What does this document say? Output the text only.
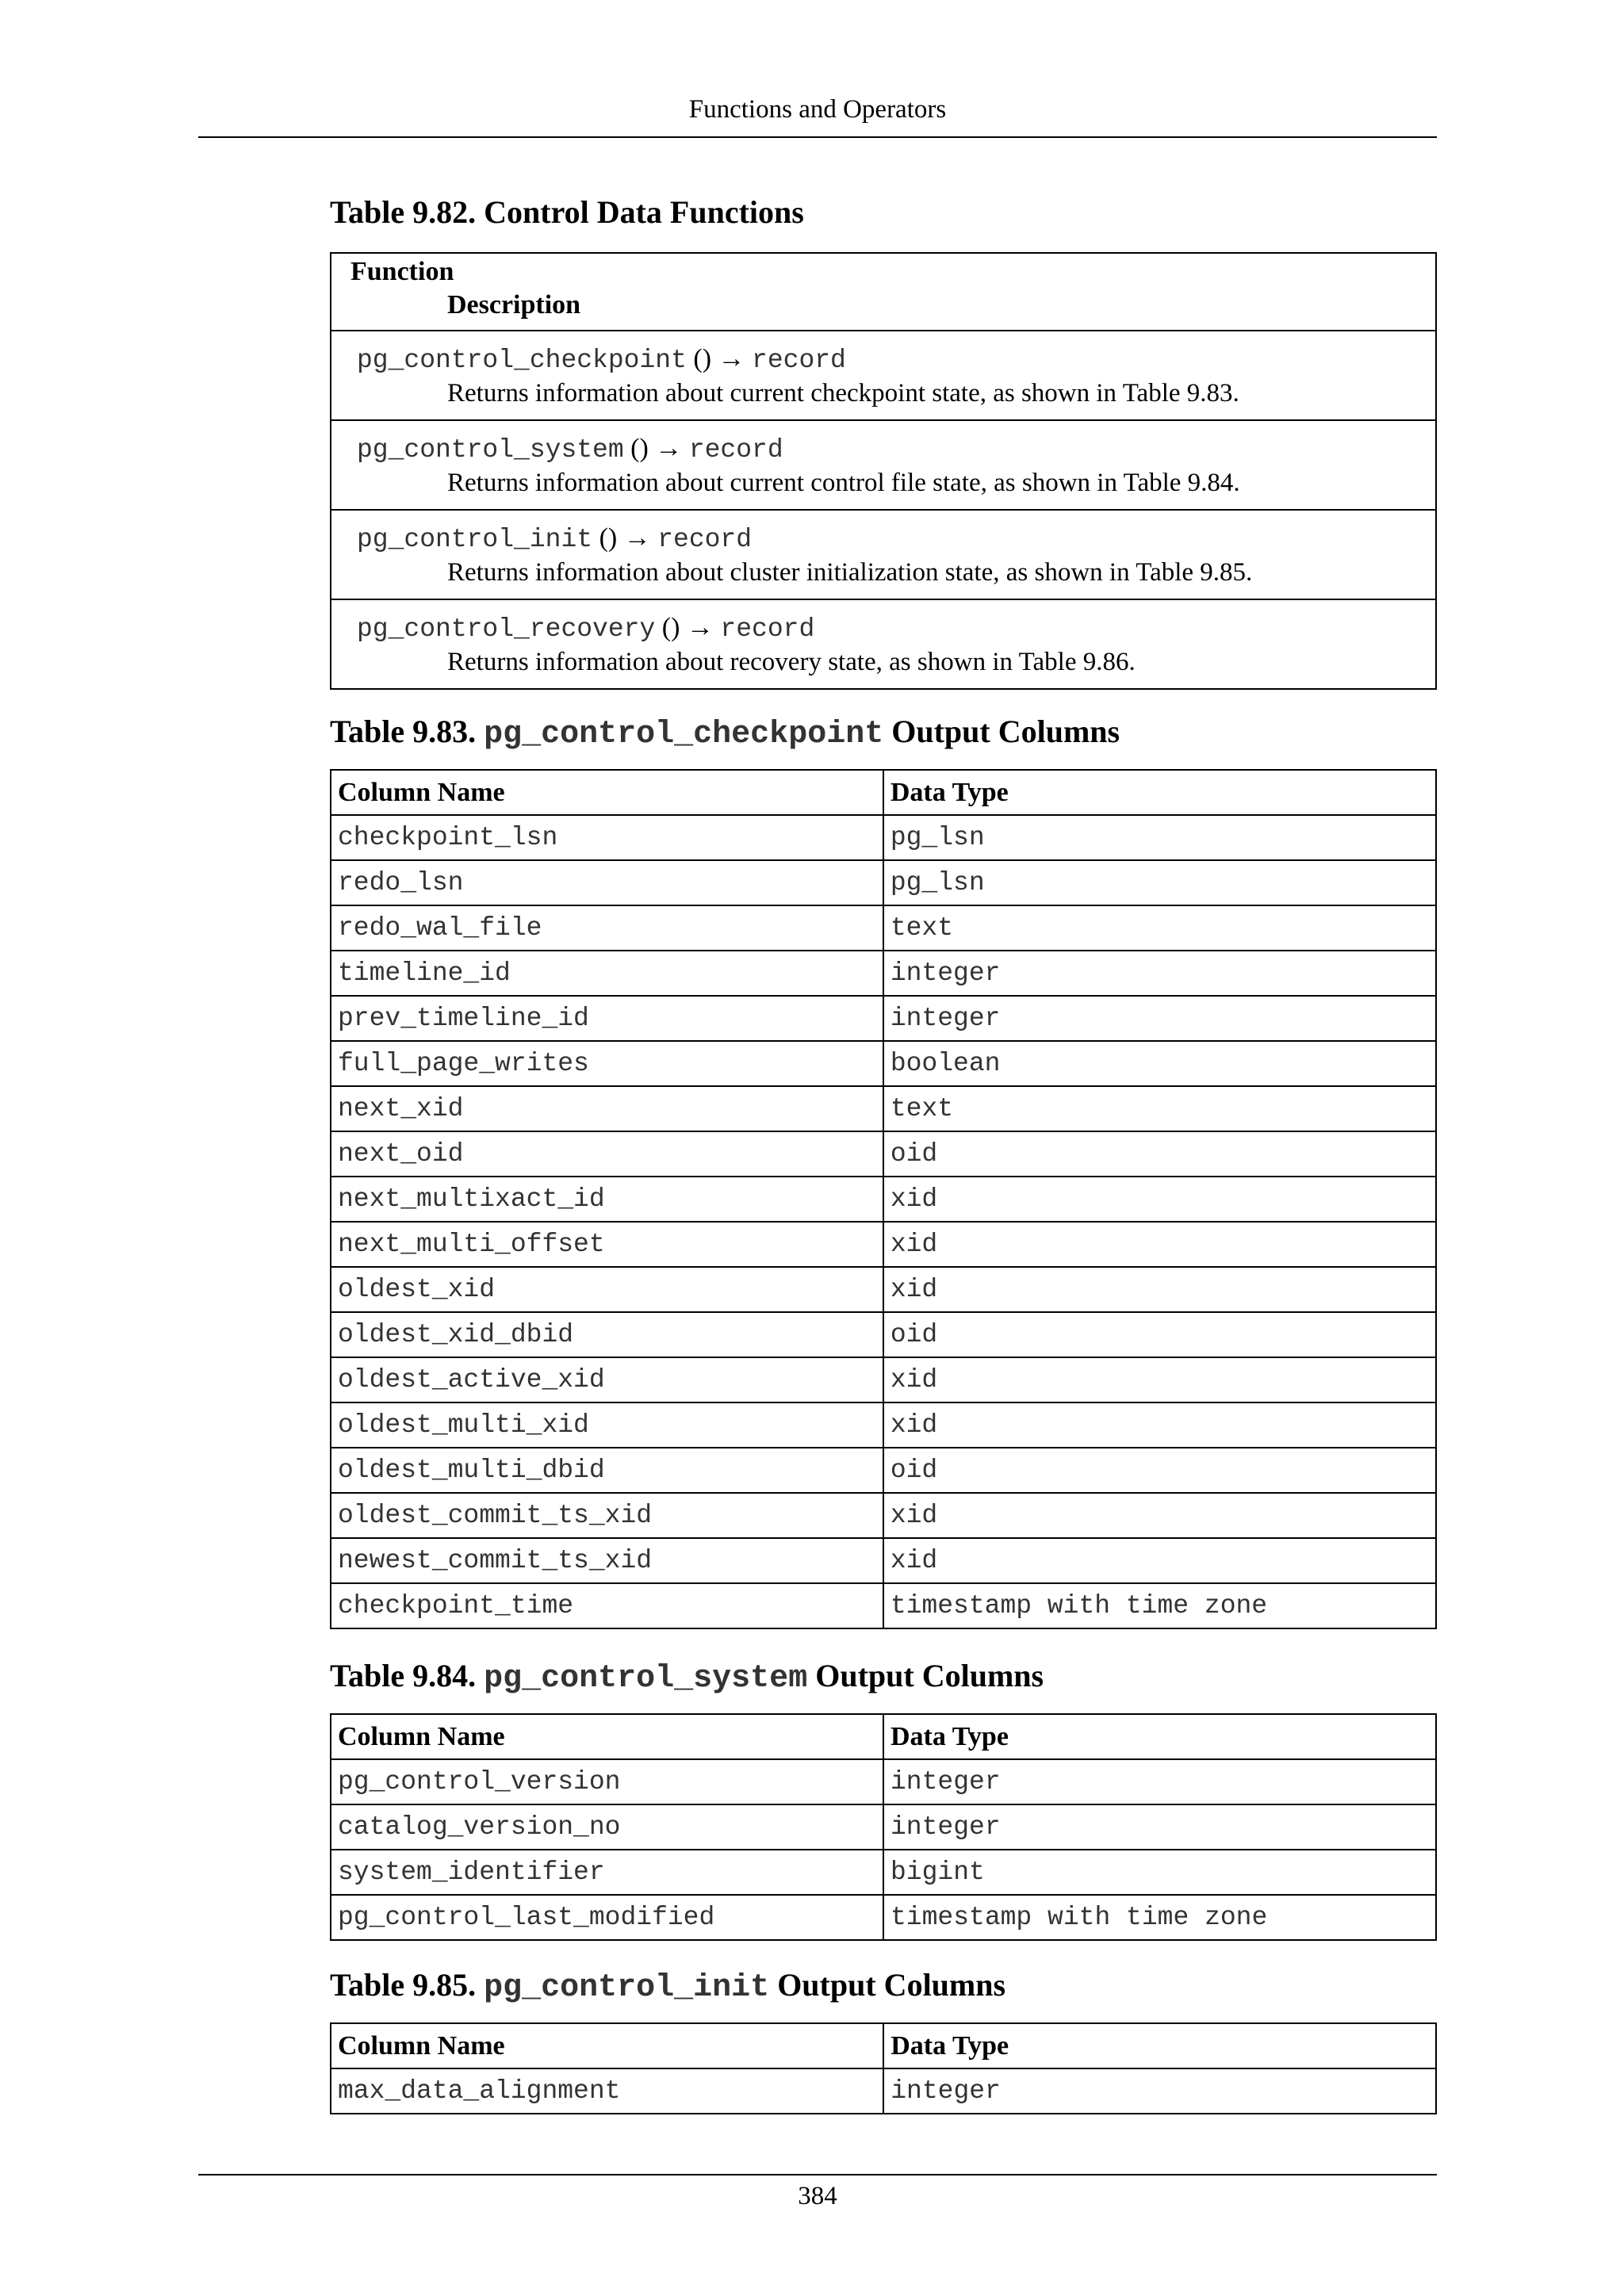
Functions and Operators
Table 9.82. Control Data Functions
Function
Description
pg_control_checkpoint () → record
Returns information about current checkpoint state, as shown in Table 9.83.
pg_control_system () → record
Returns information about current control file state, as shown in Table 9.84.
pg_control_init () → record
Returns information about cluster initialization state, as shown in Table 9.85.
pg_control_recovery () → record
Returns information about recovery state, as shown in Table 9.86.
Table 9.83. pg_control_checkpoint Output Columns
Column Name	Data Type
checkpoint_lsn	pg_lsn
redo_lsn	pg_lsn
redo_wal_file	text
timeline_id	integer
prev_timeline_id	integer
full_page_writes	boolean
next_xid	text
next_oid	oid
next_multixact_id	xid
next_multi_offset	xid
oldest_xid	xid
oldest_xid_dbid	oid
oldest_active_xid	xid
oldest_multi_xid	xid
oldest_multi_dbid	oid
oldest_commit_ts_xid	xid
newest_commit_ts_xid	xid
checkpoint_time	timestamp with time zone
Table 9.84. pg_control_system Output Columns
Column Name	Data Type
pg_control_version	integer
catalog_version_no	integer
system_identifier	bigint
pg_control_last_modified	timestamp with time zone
Table 9.85. pg_control_init Output Columns
Column Name	Data Type
max_data_alignment	integer
384
